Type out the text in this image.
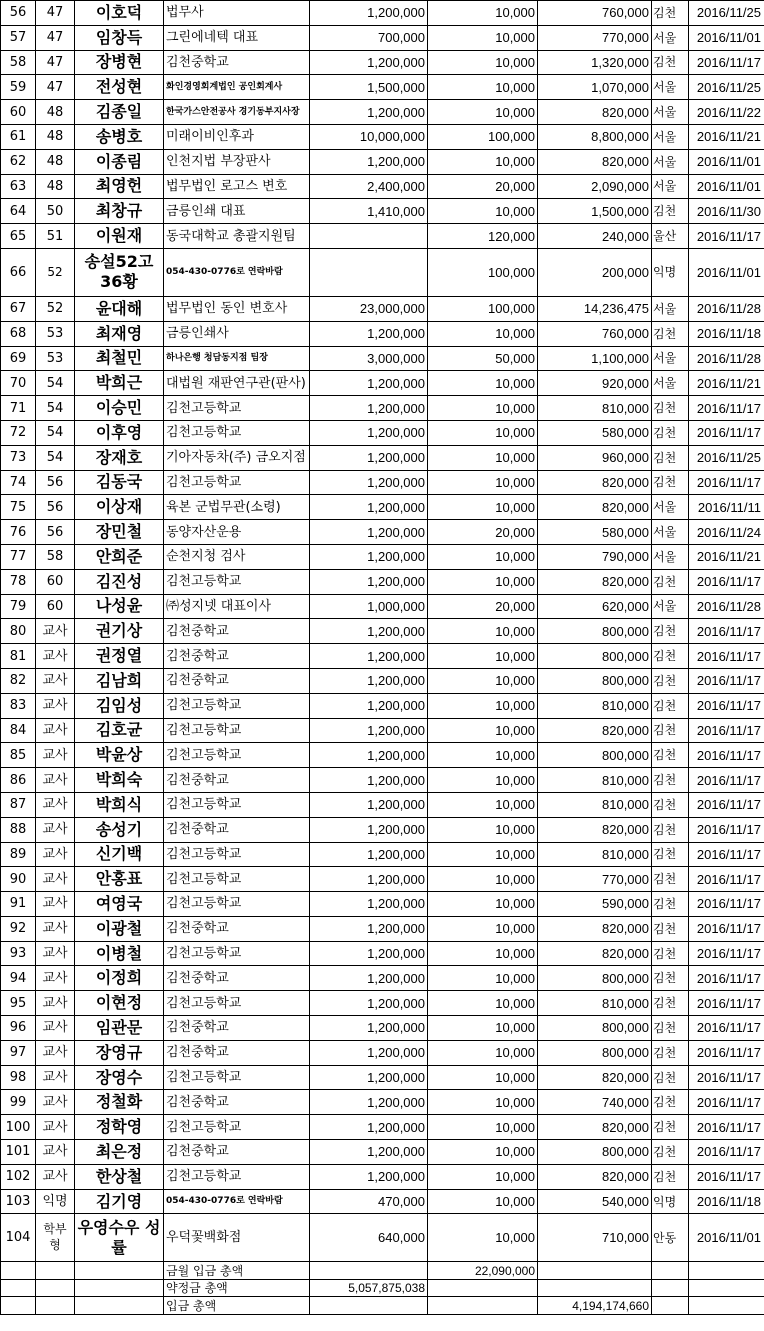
56	47	이호덕	법무사	1,200,000	10,000	760,000	김천	2016/11/25
57	47	임창득	그린에네텍 대표	700,000	10,000	770,000	서울	2016/11/01
58	47	장병현	김천중학교	1,200,000	10,000	1,320,000	김천	2016/11/17
59	47	전성현	화인경영회계법인 공인회계사	1,500,000	10,000	1,070,000	서울	2016/11/25
60	48	김종일	한국가스안전공사 경기동부지사장	1,200,000	10,000	820,000	서울	2016/11/22
61	48	송병호	미래이비인후과	10,000,000	100,000	8,800,000	서울	2016/11/21
62	48	이종림	인천지법 부장판사	1,200,000	10,000	820,000	서울	2016/11/01
63	48	최영헌	법무법인 로고스 변호	2,400,000	20,000	2,090,000	서울	2016/11/01
64	50	최창규	금릉인쇄 대표	1,410,000	10,000	1,500,000	김천	2016/11/30
65	51	이원재	동국대학교 총괄지원팀		120,000	240,000	울산	2016/11/17
66	52	송설52고 36황	054-430-0776로 연락바람		100,000	200,000	익명	2016/11/01
67	52	윤대해	법무법인 동인 변호사	23,000,000	100,000	14,236,475	서울	2016/11/28
68	53	최재영	금릉인쇄사	1,200,000	10,000	760,000	김천	2016/11/18
69	53	최철민	하나은행 청담동지점 팀장	3,000,000	50,000	1,100,000	서울	2016/11/28
70	54	박희근	대법원 재판연구관(판사)	1,200,000	10,000	920,000	서울	2016/11/21
71	54	이승민	김천고등학교	1,200,000	10,000	810,000	김천	2016/11/17
72	54	이후영	김천고등학교	1,200,000	10,000	580,000	김천	2016/11/17
73	54	장재호	기아자동차(주) 금오지점	1,200,000	10,000	960,000	김천	2016/11/25
74	56	김동국	김천고등학교	1,200,000	10,000	820,000	김천	2016/11/17
75	56	이상재	육본 군법무관(소령)	1,200,000	10,000	820,000	서울	2016/11/11
76	56	장민철	동양자산운용	1,200,000	20,000	580,000	서울	2016/11/24
77	58	안희준	순천지청 검사	1,200,000	10,000	790,000	서울	2016/11/21
78	60	김진성	김천고등학교	1,200,000	10,000	820,000	김천	2016/11/17
79	60	나성윤	㈜성지넷 대표이사	1,000,000	20,000	620,000	서울	2016/11/28
80	교사	권기상	김천중학교	1,200,000	10,000	800,000	김천	2016/11/17
81	교사	권정열	김천중학교	1,200,000	10,000	800,000	김천	2016/11/17
82	교사	김남희	김천중학교	1,200,000	10,000	800,000	김천	2016/11/17
83	교사	김임성	김천고등학교	1,200,000	10,000	810,000	김천	2016/11/17
84	교사	김호균	김천고등학교	1,200,000	10,000	820,000	김천	2016/11/17
85	교사	박윤상	김천고등학교	1,200,000	10,000	800,000	김천	2016/11/17
86	교사	박희숙	김천중학교	1,200,000	10,000	810,000	김천	2016/11/17
87	교사	박희식	김천고등학교	1,200,000	10,000	810,000	김천	2016/11/17
88	교사	송성기	김천중학교	1,200,000	10,000	820,000	김천	2016/11/17
89	교사	신기백	김천고등학교	1,200,000	10,000	810,000	김천	2016/11/17
90	교사	안홍표	김천고등학교	1,200,000	10,000	770,000	김천	2016/11/17
91	교사	여영국	김천고등학교	1,200,000	10,000	590,000	김천	2016/11/17
92	교사	이광철	김천중학교	1,200,000	10,000	820,000	김천	2016/11/17
93	교사	이병철	김천고등학교	1,200,000	10,000	820,000	김천	2016/11/17
94	교사	이정희	김천중학교	1,200,000	10,000	800,000	김천	2016/11/17
95	교사	이현정	김천고등학교	1,200,000	10,000	810,000	김천	2016/11/17
96	교사	임관문	김천중학교	1,200,000	10,000	800,000	김천	2016/11/17
97	교사	장영규	김천중학교	1,200,000	10,000	800,000	김천	2016/11/17
98	교사	장영수	김천고등학교	1,200,000	10,000	820,000	김천	2016/11/17
99	교사	정철화	김천중학교	1,200,000	10,000	740,000	김천	2016/11/17
100	교사	정학영	김천고등학교	1,200,000	10,000	820,000	김천	2016/11/17
101	교사	최은정	김천중학교	1,200,000	10,000	800,000	김천	2016/11/17
102	교사	한상철	김천고등학교	1,200,000	10,000	820,000	김천	2016/11/17
103	익명	김기영	054-430-0776로 연락바람	470,000	10,000	540,000	익명	2016/11/18
104	학부형	우영수우 성률	우덕꽃백화점	640,000	10,000	710,000	안동	2016/11/01
			금월 입금 총액		22,090,000			
			약정금 총액	5,057,875,038				
			입금 총액			4,194,174,660		
